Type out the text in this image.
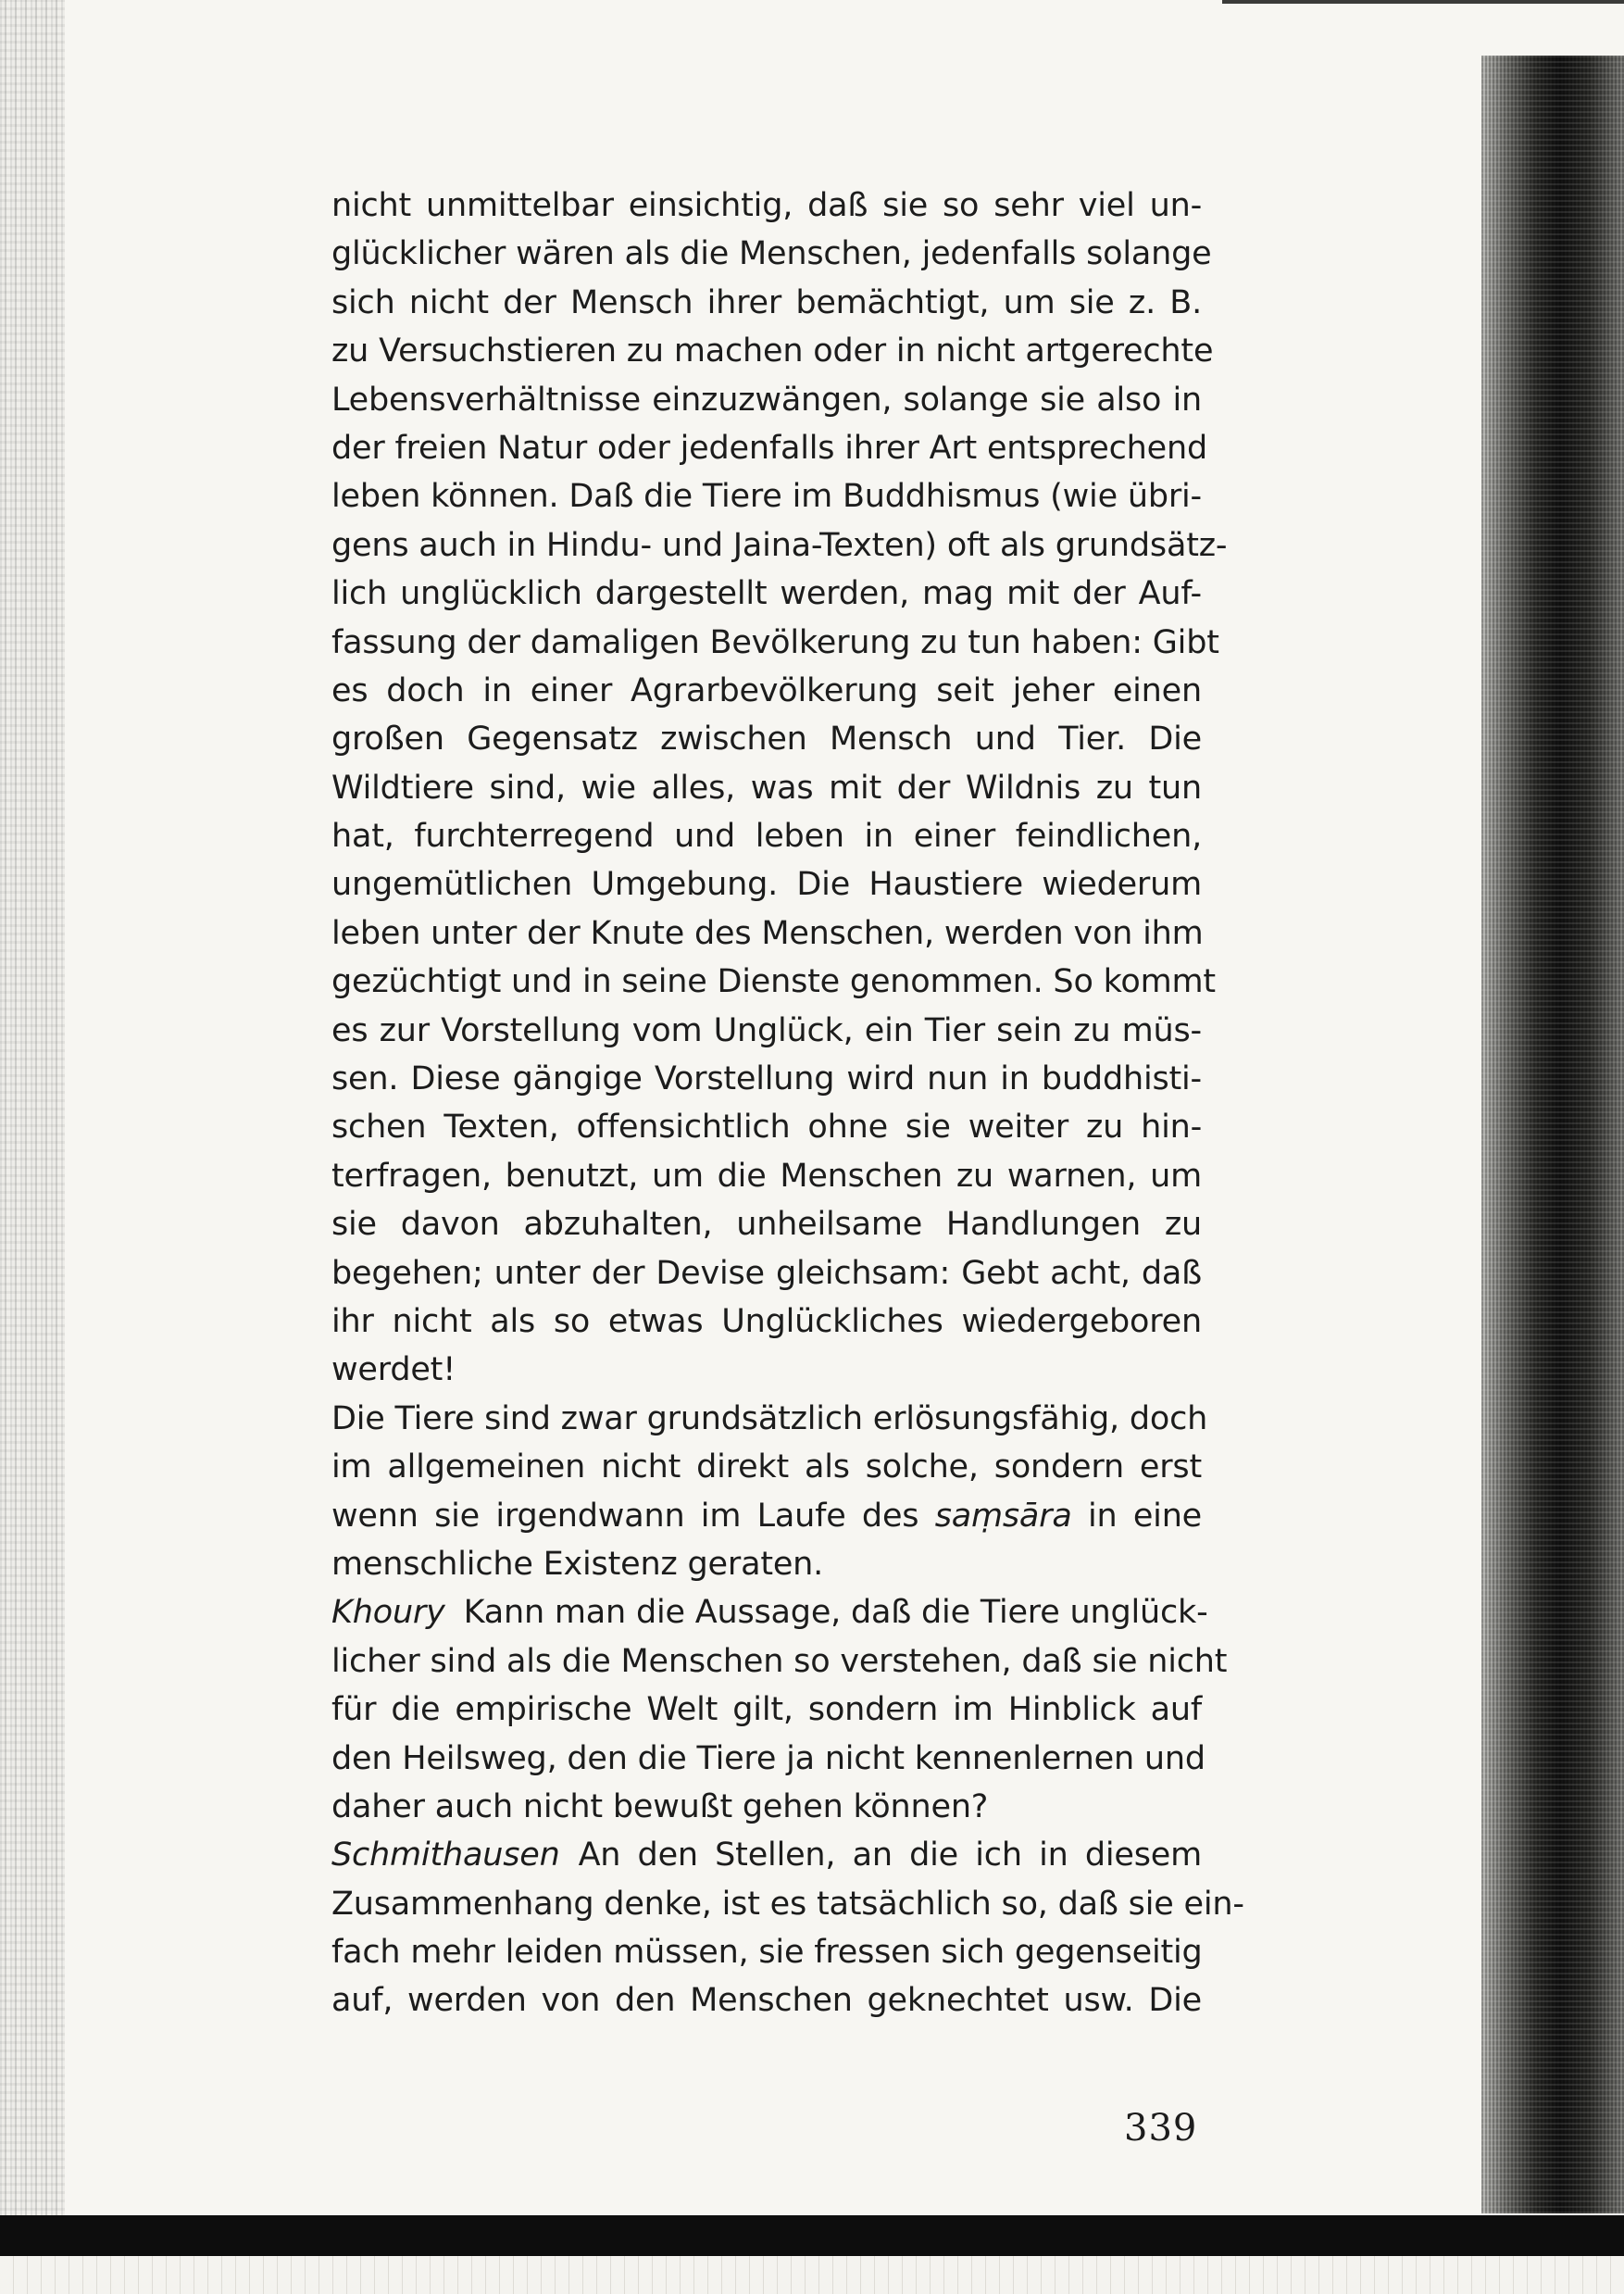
nicht unmittelbar einsichtig, daß sie so sehr viel un-
glücklicher wären als die Menschen, jedenfalls solange
sich nicht der Mensch ihrer bemächtigt, um sie z. B.
zu Versuchstieren zu machen oder in nicht artgerechte
Lebensverhältnisse einzuzwängen, solange sie also in
der freien Natur oder jedenfalls ihrer Art entsprechend
leben können. Daß die Tiere im Buddhismus (wie übri-
gens auch in Hindu- und Jaina-Texten) oft als grundsätz-
lich unglücklich dargestellt werden, mag mit der Auf-
fassung der damaligen Bevölkerung zu tun haben: Gibt
es doch in einer Agrarbevölkerung seit jeher einen
großen Gegensatz zwischen Mensch und Tier. Die
Wildtiere sind, wie alles, was mit der Wildnis zu tun
hat, furchterregend und leben in einer feindlichen,
ungemütlichen Umgebung. Die Haustiere wiederum
leben unter der Knute des Menschen, werden von ihm
gezüchtigt und in seine Dienste genommen. So kommt
es zur Vorstellung vom Unglück, ein Tier sein zu müs-
sen. Diese gängige Vorstellung wird nun in buddhisti-
schen Texten, offensichtlich ohne sie weiter zu hin-
terfragen, benutzt, um die Menschen zu warnen, um
sie davon abzuhalten, unheilsame Handlungen zu
begehen; unter der Devise gleichsam: Gebt acht, daß
ihr nicht als so etwas Unglückliches wiedergeboren
werdet!
Die Tiere sind zwar grundsätzlich erlösungsfähig, doch
im allgemeinen nicht direkt als solche, sondern erst
wenn sie irgendwann im Laufe des saṃsāra in eine
menschliche Existenz geraten.
Khoury Kann man die Aussage, daß die Tiere unglück-
licher sind als die Menschen so verstehen, daß sie nicht
für die empirische Welt gilt, sondern im Hinblick auf
den Heilsweg, den die Tiere ja nicht kennenlernen und
daher auch nicht bewußt gehen können?
Schmithausen An den Stellen, an die ich in diesem
Zusammenhang denke, ist es tatsächlich so, daß sie ein-
fach mehr leiden müssen, sie fressen sich gegenseitig
auf, werden von den Menschen geknechtet usw. Die
339
